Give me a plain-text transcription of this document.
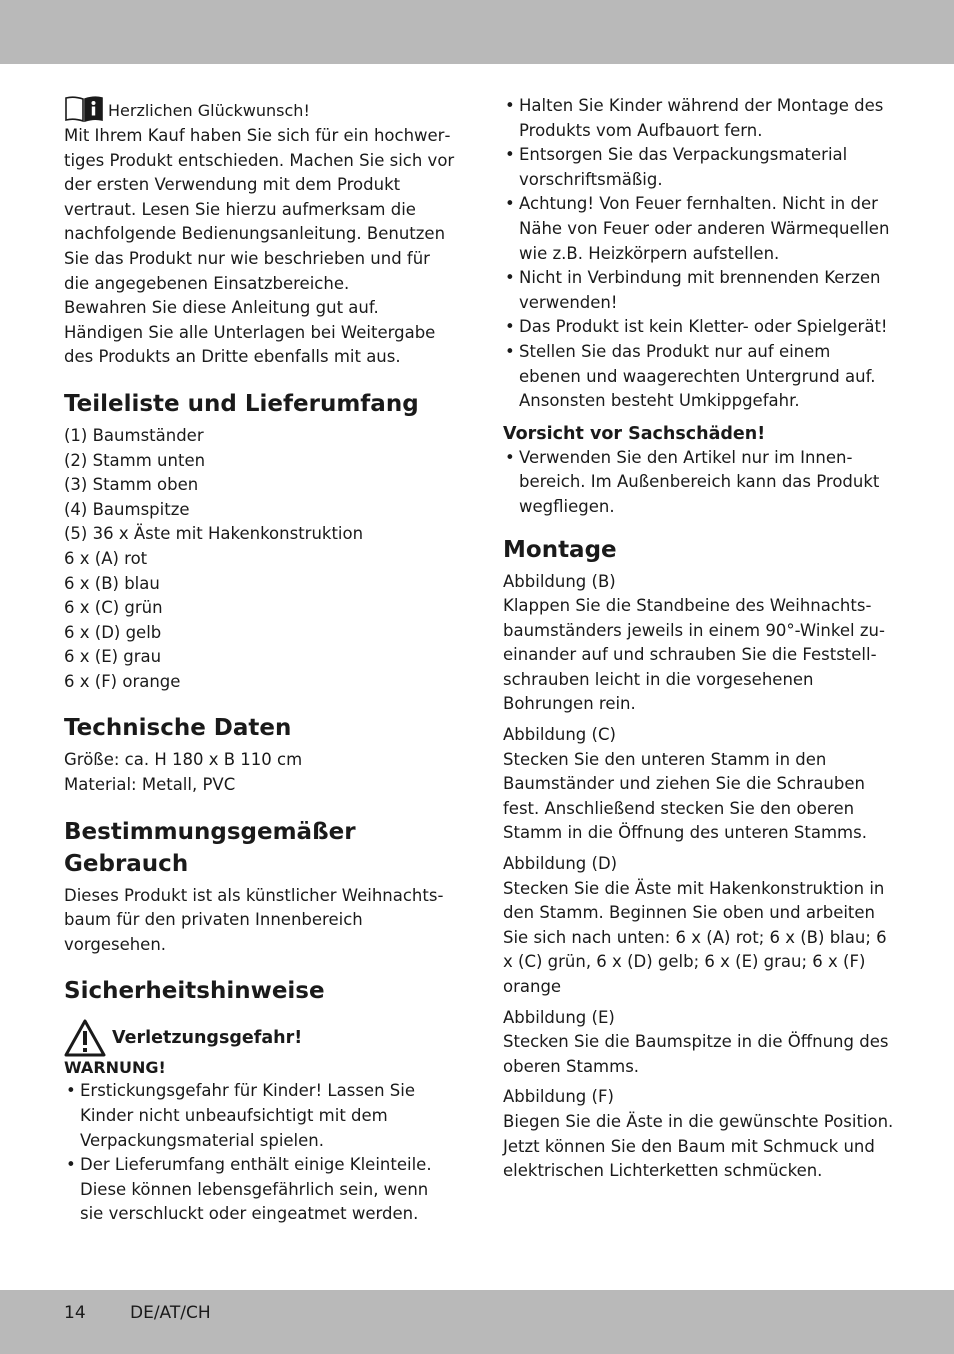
Herzlichen Glückwunsch!

Mit Ihrem Kauf haben Sie sich für ein hochwertiges Produkt entschieden. Machen Sie sich vor der ersten Verwendung mit dem Produkt vertraut. Lesen Sie hierzu aufmerksam die nachfolgende Bedienungsanleitung. Benutzen Sie das Produkt nur wie beschrieben und für die angegebenen Einsatzbereiche.

Bewahren Sie diese Anleitung gut auf. Händigen Sie alle Unterlagen bei Weitergabe des Produkts an Dritte ebenfalls mit aus.

Teileliste und Lieferumfang
(1) Baumständer
(2) Stamm unten
(3) Stamm oben
(4) Baumspitze
(5) 36 x Äste mit Hakenkonstruktion
6 x (A) rot
6 x (B) blau
6 x (C) grün
6 x (D) gelb
6 x (E) grau
6 x (F) orange
Technische Daten

Größe: ca. H 180 x B 110 cm

Material: Metall, PVC

Bestimmungsgemäßer Gebrauch

Dieses Produkt ist als künstlicher Weihnachtsbaum für den privaten Innenbereich vorgesehen.

Sicherheitshinweise
Verletzungsgefahr!
WARNUNG!
• Erstickungsgefahr für Kinder! Lassen Sie Kinder nicht unbeaufsichtigt mit dem Verpackungsmaterial spielen.
• Der Lieferumfang enthält einige Kleinteile. Diese können lebensgefährlich sein, wenn sie verschluckt oder eingeatmet werden.
• Halten Sie Kinder während der Montage des Produkts vom Aufbauort fern.
• Entsorgen Sie das Verpackungsmaterial vorschriftsmäßig.
• Achtung! Von Feuer fernhalten. Nicht in der Nähe von Feuer oder anderen Wärmequellen wie z.B. Heizkörpern aufstellen.
• Nicht in Verbindung mit brennenden Kerzen verwenden!
• Das Produkt ist kein Kletter- oder Spielgerät!
• Stellen Sie das Produkt nur auf einem ebenen und waagerechten Untergrund auf. Ansonsten besteht Umkippgefahr.
Vorsicht vor Sachschäden!
• Verwenden Sie den Artikel nur im Innenbereich. Im Außenbereich kann das Produkt wegfliegen.
Montage

Abbildung (B)

Klappen Sie die Standbeine des Weihnachtsbaumständers jeweils in einem 90°-Winkel zueinander auf und schrauben Sie die Feststellschrauben leicht in die vorgesehenen Bohrungen rein.

Abbildung (C)

Stecken Sie den unteren Stamm in den Baumständer und ziehen Sie die Schrauben fest. Anschließend stecken Sie den oberen Stamm in die Öffnung des unteren Stamms.

Abbildung (D)

Stecken Sie die Äste mit Hakenkonstruktion in den Stamm. Beginnen Sie oben und arbeiten Sie sich nach unten: 6 x (A) rot; 6 x (B) blau; 6 x (C) grün, 6 x (D) gelb; 6 x (E) grau; 6 x (F) orange

Abbildung (E)

Stecken Sie die Baumspitze in die Öffnung des oberen Stamms.

Abbildung (F)

Biegen Sie die Äste in die gewünschte Position. Jetzt können Sie den Baum mit Schmuck und elektrischen Lichterketten schmücken.

14	DE/AT/CH
